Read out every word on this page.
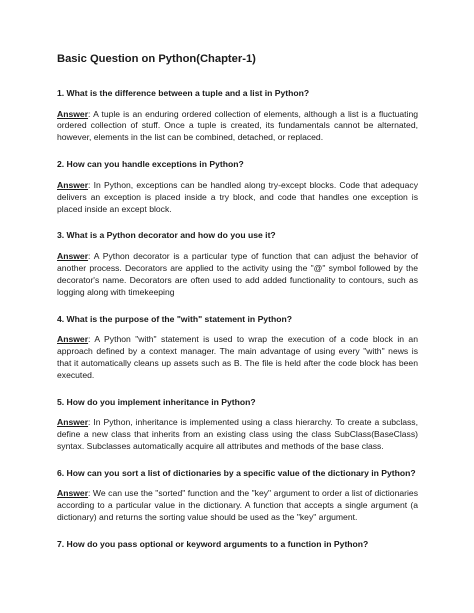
Basic Question on Python(Chapter-1)
1. What is the difference between a tuple and a list in Python?

Answer: A tuple is an enduring ordered collection of elements, although a list is a fluctuating ordered collection of stuff. Once a tuple is created, its fundamentals cannot be alternated, however, elements in the list can be combined, detached, or replaced.

2. How can you handle exceptions in Python?

Answer: In Python, exceptions can be handled along try-except blocks. Code that adequacy delivers an exception is placed inside a try block, and code that handles one exception is placed inside an except block.

3. What is a Python decorator and how do you use it?

Answer: A Python decorator is a particular type of function that can adjust the behavior of another process. Decorators are applied to the activity using the "@" symbol followed by the decorator's name. Decorators are often used to add added functionality to contours, such as logging along with timekeeping

4. What is the purpose of the "with" statement in Python?

Answer: A Python "with" statement is used to wrap the execution of a code block in an approach defined by a context manager. The main advantage of using every "with" news is that it automatically cleans up assets such as B. The file is held after the code block has been executed.

5. How do you implement inheritance in Python?

Answer: In Python, inheritance is implemented using a class hierarchy. To create a subclass, define a new class that inherits from an existing class using the class SubClass(BaseClass) syntax. Subclasses automatically acquire all attributes and methods of the base class.

6. How can you sort a list of dictionaries by a specific value of the dictionary in Python?

Answer: We can use the "sorted" function and the "key" argument to order a list of dictionaries according to a particular value in the dictionary. A function that accepts a single argument (a dictionary) and returns the sorting value should be used as the "key" argument.

7. How do you pass optional or keyword arguments to a function in Python?
